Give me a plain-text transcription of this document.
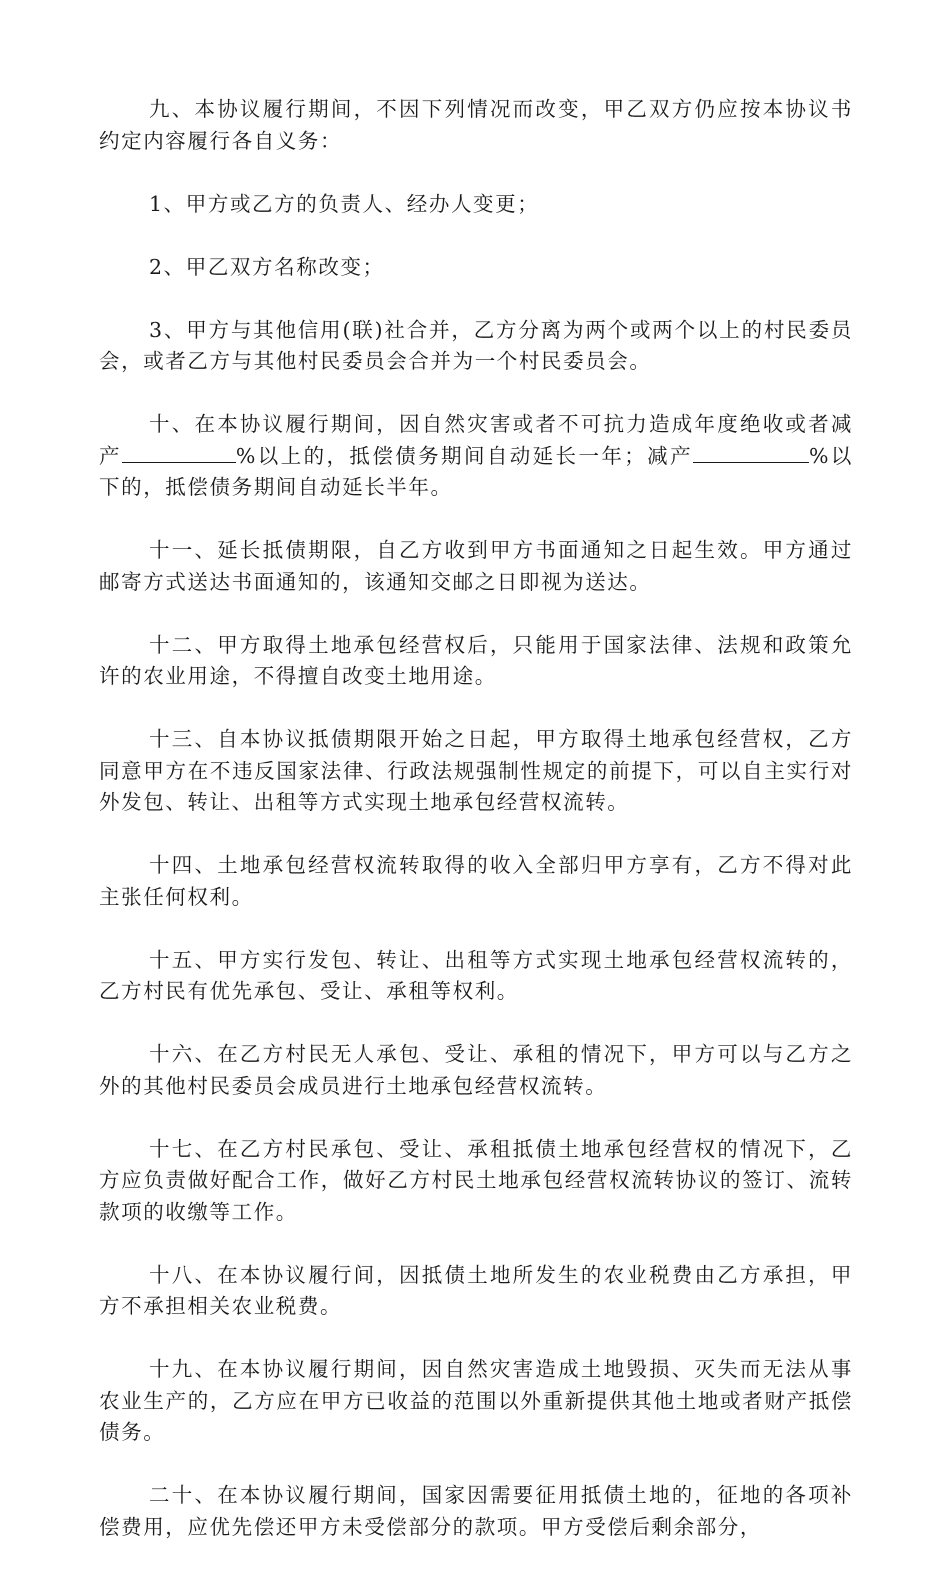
九、本协议履行期间，不因下列情况而改变，甲乙双方仍应按本协议书约定内容履行各自义务：

1、甲方或乙方的负责人、经办人变更；

2、甲乙双方名称改变；

3、甲方与其他信用(联)社合并，乙方分离为两个或两个以上的村民委员会，或者乙方与其他村民委员会合并为一个村民委员会。

十、在本协议履行期间，因自然灾害或者不可抗力造成年度绝收或者减产	%以上的，抵偿债务期间自动延长一年；减产	%以下的，抵偿债务期间自动延长半年。

十一、延长抵债期限，自乙方收到甲方书面通知之日起生效。甲方通过邮寄方式送达书面通知的，该通知交邮之日即视为送达。

十二、甲方取得土地承包经营权后，只能用于国家法律、法规和政策允许的农业用途，不得擅自改变土地用途。

十三、自本协议抵债期限开始之日起，甲方取得土地承包经营权，乙方同意甲方在不违反国家法律、行政法规强制性规定的前提下，可以自主实行对外发包、转让、出租等方式实现土地承包经营权流转。

十四、土地承包经营权流转取得的收入全部归甲方享有，乙方不得对此主张任何权利。

十五、甲方实行发包、转让、出租等方式实现土地承包经营权流转的，乙方村民有优先承包、受让、承租等权利。

十六、在乙方村民无人承包、受让、承租的情况下，甲方可以与乙方之外的其他村民委员会成员进行土地承包经营权流转。

十七、在乙方村民承包、受让、承租抵债土地承包经营权的情况下，乙方应负责做好配合工作，做好乙方村民土地承包经营权流转协议的签订、流转款项的收缴等工作。

十八、在本协议履行间，因抵债土地所发生的农业税费由乙方承担，甲方不承担相关农业税费。

十九、在本协议履行期间，因自然灾害造成土地毁损、灭失而无法从事农业生产的，乙方应在甲方已收益的范围以外重新提供其他土地或者财产抵偿债务。

二十、在本协议履行期间，国家因需要征用抵债土地的，征地的各项补偿费用，应优先偿还甲方未受偿部分的款项。甲方受偿后剩余部分，
